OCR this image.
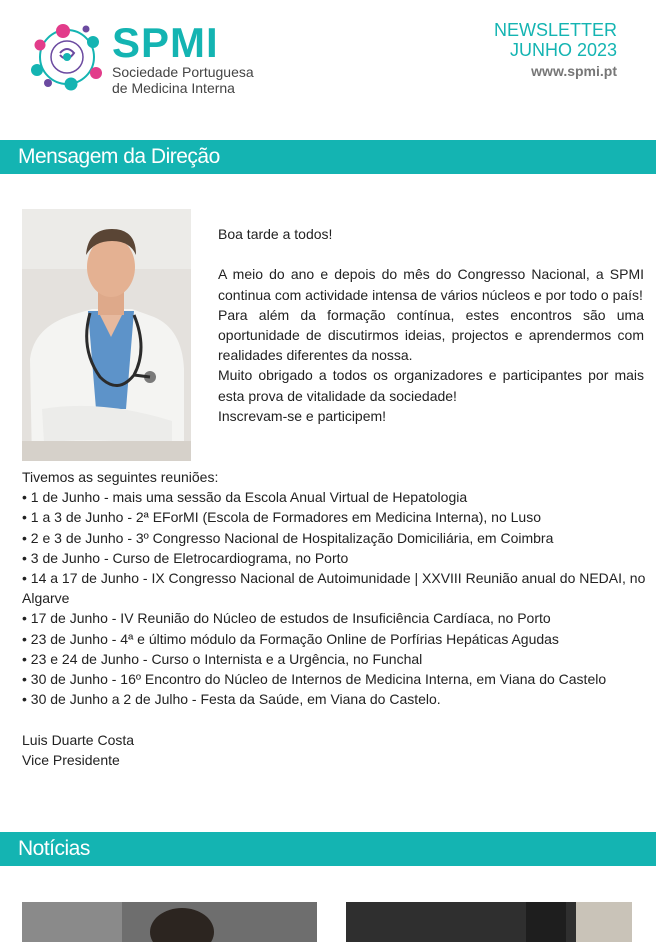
SPMI
Sociedade Portuguesa
de Medicina Interna
NEWSLETTER
JUNHO 2023
www.spmi.pt
Mensagem da Direção

Boa tarde a todos!

A meio do ano e depois do mês do Congresso Nacional, a SPMI continua com actividade intensa de vários núcleos e por todo o país!

Para além da formação contínua, estes encontros são uma oportunidade de discutirmos ideias, projectos e aprendermos com realidades diferentes da nossa.

Muito obrigado a todos os organizadores e participantes por mais esta prova de vitalidade da sociedade!

Inscrevam-se e participem!

Tivemos as seguintes reuniões:

• 1 de Junho - mais uma sessão da Escola Anual Virtual de Hepatologia

• 1 a 3 de Junho - 2ª EForMI (Escola de Formadores em Medicina Interna), no Luso

• 2 e 3 de Junho - 3º Congresso Nacional de Hospitalização Domiciliária, em Coimbra

• 3 de Junho - Curso de Eletrocardiograma, no Porto

• 14 a 17 de Junho - IX Congresso Nacional de Autoimunidade | XXVIII Reunião anual do NEDAI, no Algarve

• 17 de Junho - IV Reunião do Núcleo de estudos de Insuficiência Cardíaca, no Porto

• 23 de Junho - 4ª e último módulo da Formação Online de Porfírias Hepáticas Agudas

• 23 e 24 de Junho - Curso o Internista e a Urgência, no Funchal

• 30 de Junho - 16º Encontro do Núcleo de Internos de Medicina Interna, em Viana do Castelo

• 30 de Junho a 2 de Julho - Festa da Saúde, em Viana do Castelo.

Luis Duarte Costa

Vice Presidente

Notícias
